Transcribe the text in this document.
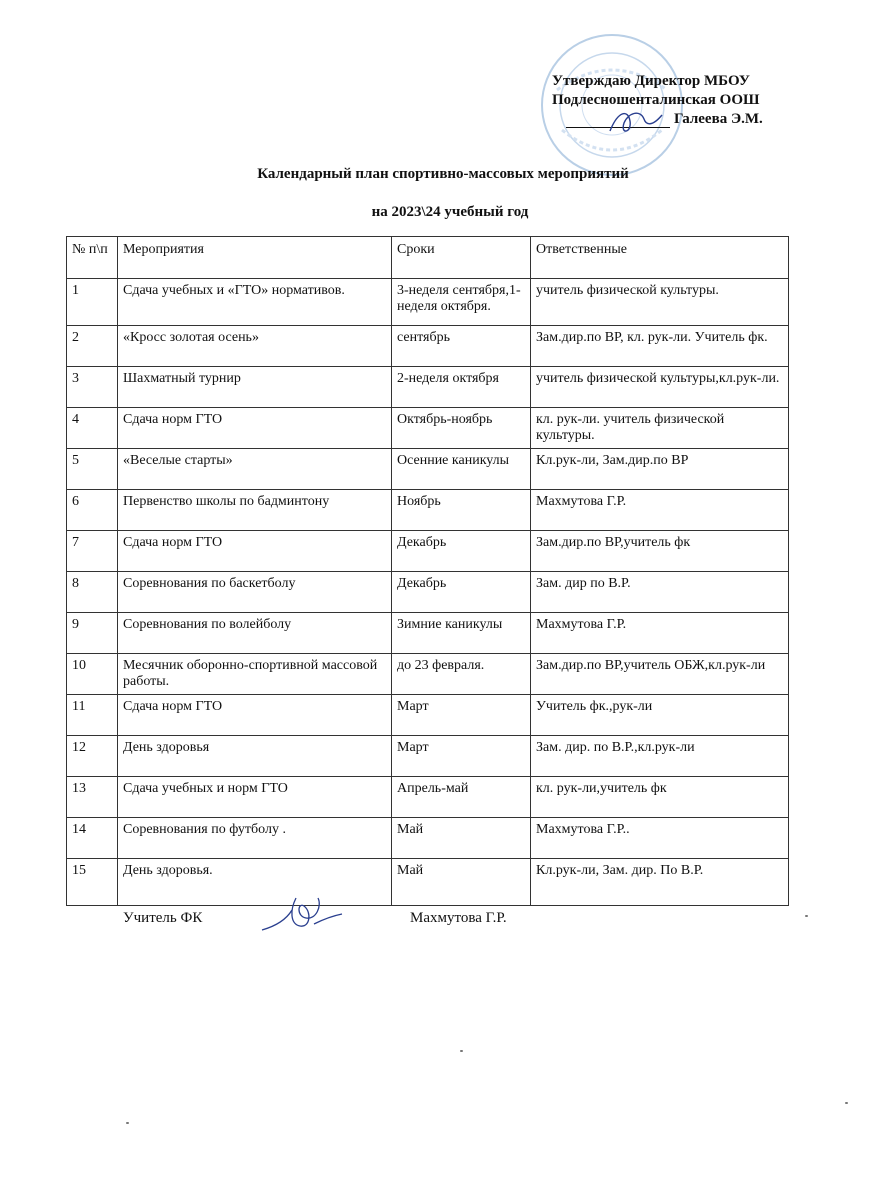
Утверждаю Директор МБОУ
Подлесношенталинская ООШ
Галеева Э.М.
Календарный план спортивно-массовых мероприятий
на 2023\24 учебный год
№ п\п	Мероприятия	Сроки	Ответственные
1	Сдача учебных и «ГТО» нормативов.	3-неделя сентября,1-неделя октября.	учитель физической культуры.
2	«Кросс золотая осень»	сентябрь	Зам.дир.по ВР, кл. рук-ли. Учитель фк.
3	Шахматный турнир	2-неделя октября	учитель физической культуры,кл.рук-ли.
4	Сдача норм ГТО	Октябрь-ноябрь	кл. рук-ли. учитель физической культуры.
5	«Веселые старты»	Осенние каникулы	Кл.рук-ли, Зам.дир.по ВР
6	Первенство школы по бадминтону	Ноябрь	Махмутова Г.Р.
7	Сдача норм ГТО	Декабрь	Зам.дир.по ВР,учитель фк
8	Соревнования по баскетболу	Декабрь	Зам. дир по В.Р.
9	Соревнования по волейболу	Зимние каникулы	Махмутова Г.Р.
10	Месячник оборонно-спортивной массовой работы.	до 23 февраля.	Зам.дир.по ВР,учитель ОБЖ,кл.рук-ли
11	Сдача норм ГТО	Март	Учитель фк.,рук-ли
12	День здоровья	Март	Зам. дир. по В.Р.,кл.рук-ли
13	Сдача учебных и норм ГТО	Апрель-май	кл. рук-ли,учитель фк
14	Соревнования по футболу .	Май	Махмутова Г.Р..
15	День здоровья.	Май	Кл.рук-ли, Зам. дир. По В.Р.
Учитель ФК	Махмутова Г.Р.
